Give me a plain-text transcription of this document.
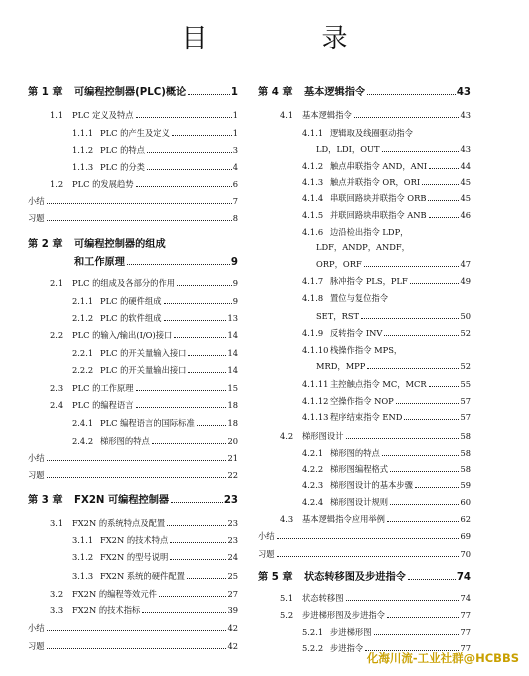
目　录
第 1 章	可编程控制器(PLC)概论	1
1.1	PLC 定义及特点	1
1.1.1 PLC 的产生及定义	1
1.1.2 PLC 的特点	3
1.1.3 PLC 的分类	4
1.2	PLC 的发展趋势	6
小结	7
习题	8
第 2 章	可编程控制器的组成
和工作原理	9
2.1	PLC 的组成及各部分的作用	9
2.1.1 PLC 的硬件组成	9
2.1.2 PLC 的软件组成	13
2.2	PLC 的输入/输出(I/O)接口	14
2.2.1 PLC 的开关量输入接口	14
2.2.2 PLC 的开关量输出接口	14
2.3	PLC 的工作原理	15
2.4	PLC 的编程语言	18
2.4.1 PLC 编程语言的国际标准	18
2.4.2 梯形图的特点	20
小结	21
习题	22
第 3 章	FX2N 可编程控制器	23
3.1	FX2N 的系统特点及配置	23
3.1.1 FX2N 的技术特点	23
3.1.2 FX2N 的型号说明	24
3.1.3 FX2N 系统的硬件配置	25
3.2	FX2N 的编程等效元件	27
3.3	FX2N 的技术指标	39
小结	42
习题	42
第 4 章	基本逻辑指令	43
4.1	基本逻辑指令	43
4.1.1 逻辑取及线圈驱动指令
LD，LDI，OUT	43
4.1.2 触点串联指令 AND，ANI	44
4.1.3 触点并联指令 OR，ORI	45
4.1.4 串联回路块并联指令 ORB	45
4.1.5 并联回路块串联指令 ANB	46
4.1.6 边沿检出指令 LDP，
LDF，ANDP，ANDF，
ORP，ORF	47
4.1.7 脉冲指令 PLS，PLF	49
4.1.8 置位与复位指令
SET，RST	50
4.1.9 反转指令 INV	52
4.1.10 栈操作指令 MPS，
MRD，MPP	52
4.1.11 主控触点指令 MC，MCR	55
4.1.12 空操作指令 NOP	57
4.1.13 程序结束指令 END	57
4.2	梯形图设计	58
4.2.1 梯形图的特点	58
4.2.2 梯形图编程格式	58
4.2.3 梯形图设计的基本步骤	59
4.2.4 梯形图设计规则	60
4.3	基本逻辑指令应用举例	62
小结	69
习题	70
第 5 章	状态转移图及步进指令	74
5.1	状态转移图	74
5.2	步进梯形图及步进指令	77
5.2.1 步进梯形图	77
5.2.2 步进指令	77
化海川流-工业社群@HCBBS
